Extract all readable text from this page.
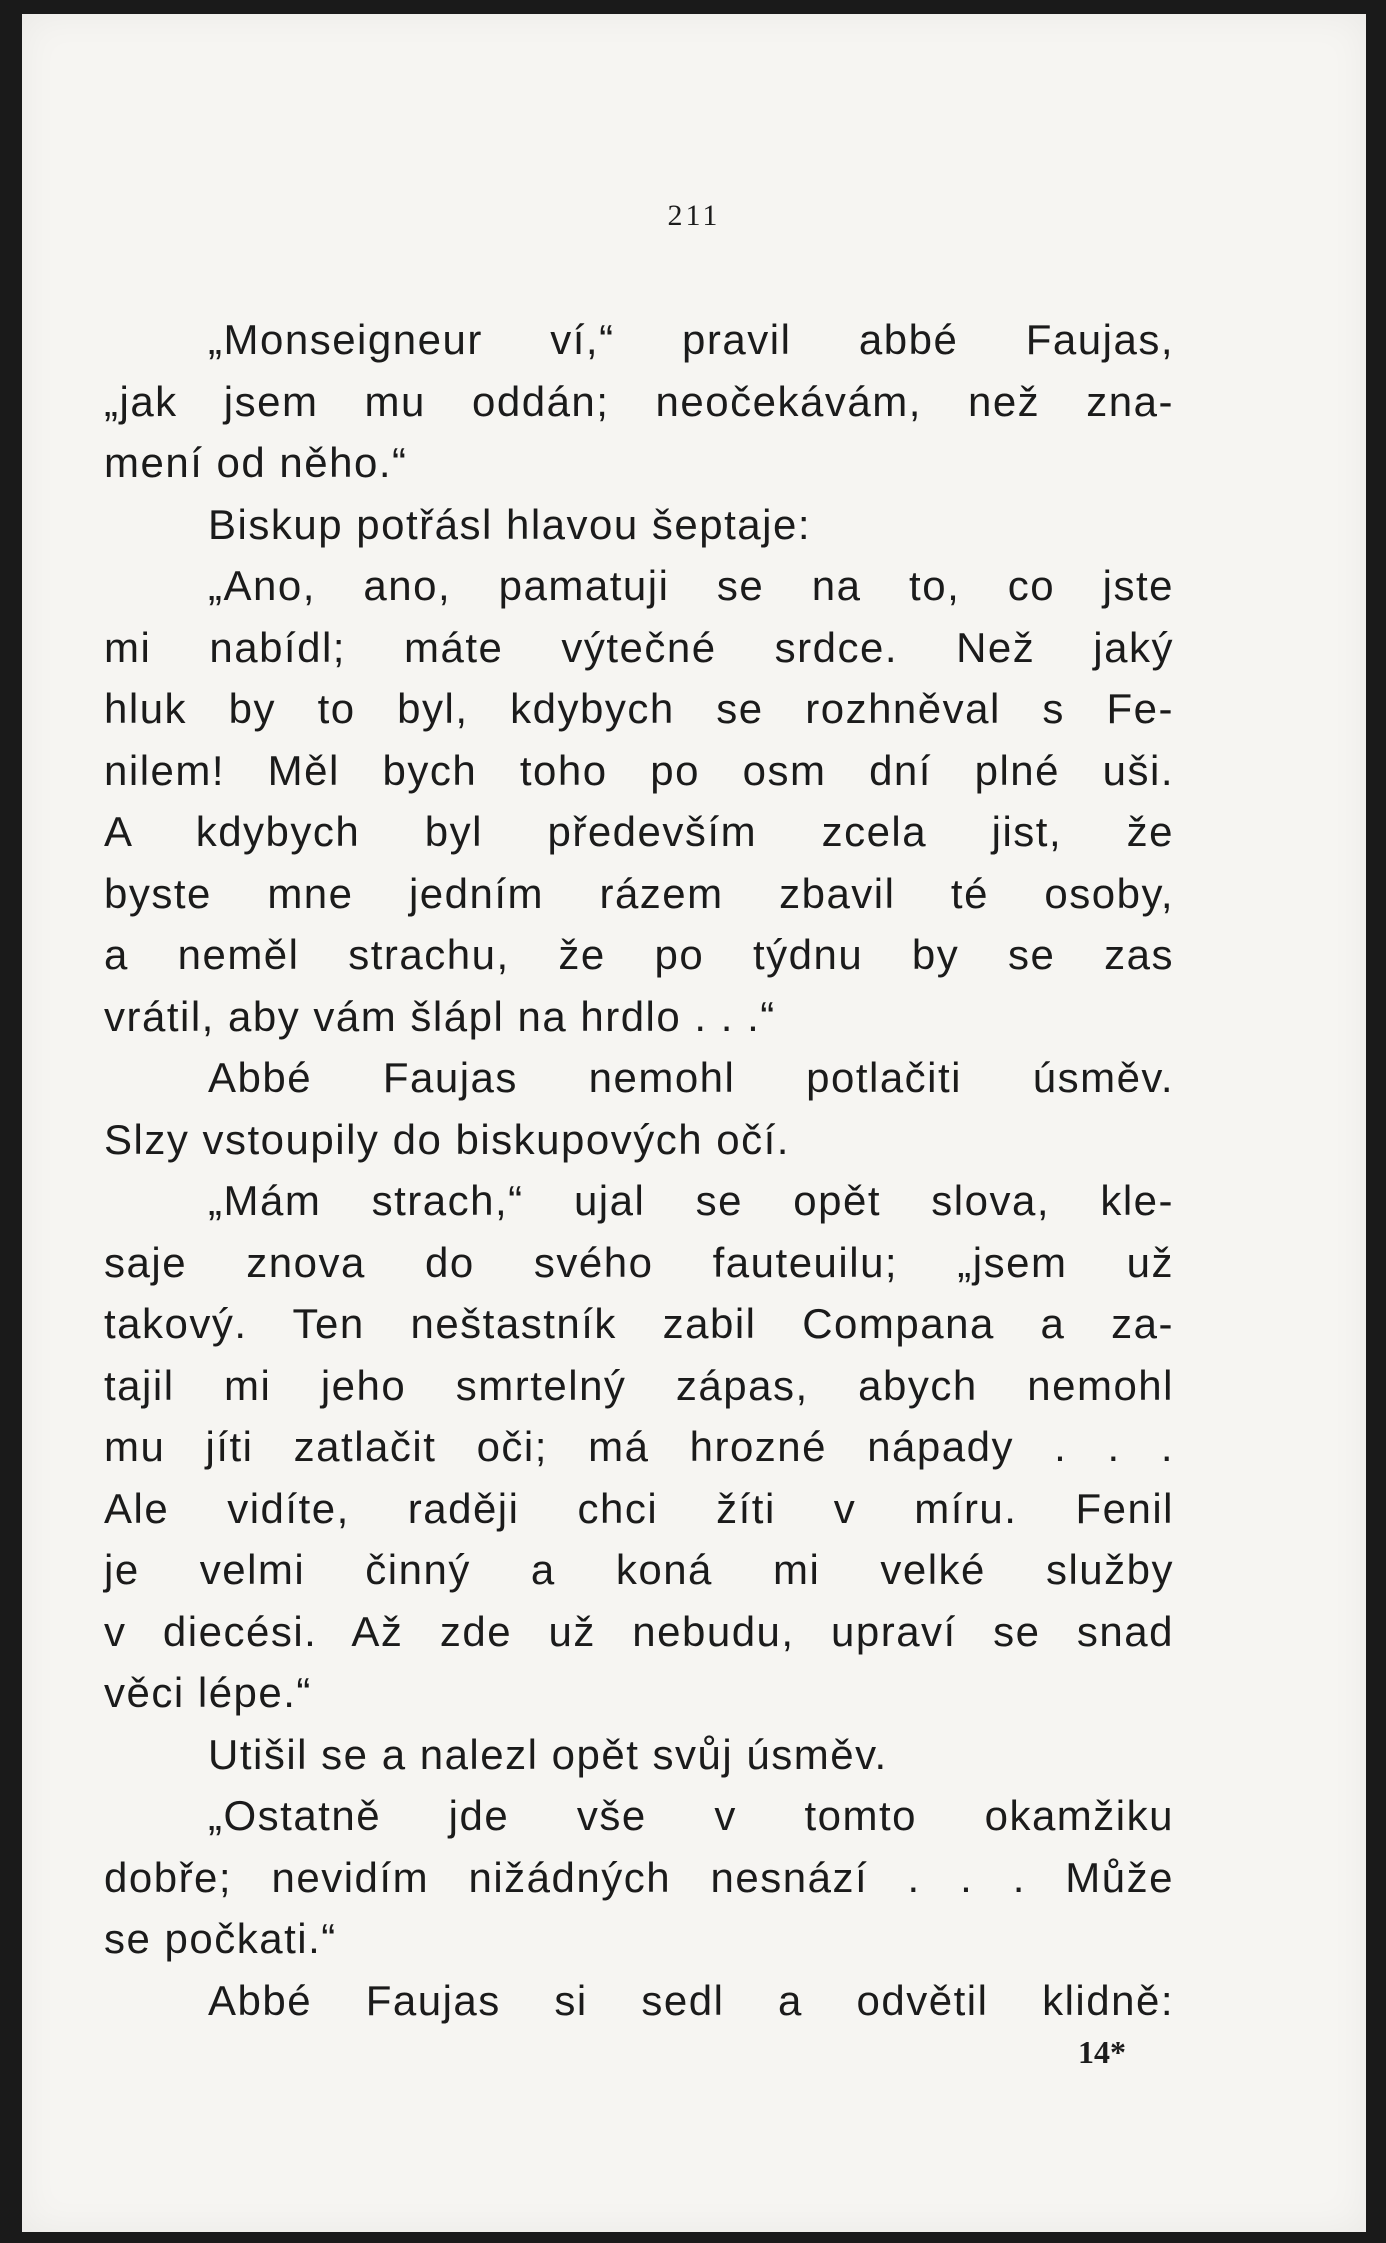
211
„Monseigneur ví,“ pravil abbé Faujas,
„jak jsem mu oddán; neočekávám, než zna-
mení od něho.“
Biskup potřásl hlavou šeptaje:
„Ano, ano, pamatuji se na to, co jste
mi nabídl; máte výtečné srdce. Než jaký
hluk by to byl, kdybych se rozhněval s Fe-
nilem! Měl bych toho po osm dní plné uši.
A kdybych byl především zcela jist, že
byste mne jedním rázem zbavil té osoby,
a neměl strachu, že po týdnu by se zas
vrátil, aby vám šlápl na hrdlo . . .“
Abbé Faujas nemohl potlačiti úsměv.
Slzy vstoupily do biskupových očí.
„Mám strach,“ ujal se opět slova, kle-
saje znova do svého fauteuilu; „jsem už
takový. Ten neštastník zabil Compana a za-
tajil mi jeho smrtelný zápas, abych nemohl
mu jíti zatlačit oči; má hrozné nápady . . .
Ale vidíte, raději chci žíti v míru. Fenil
je velmi činný a koná mi velké služby
v diecési. Až zde už nebudu, upraví se snad
věci lépe.“
Utišil se a nalezl opět svůj úsměv.
„Ostatně jde vše v tomto okamžiku
dobře; nevidím nižádných nesnází . . . Může
se počkati.“
Abbé Faujas si sedl a odvětil klidně:
14*
